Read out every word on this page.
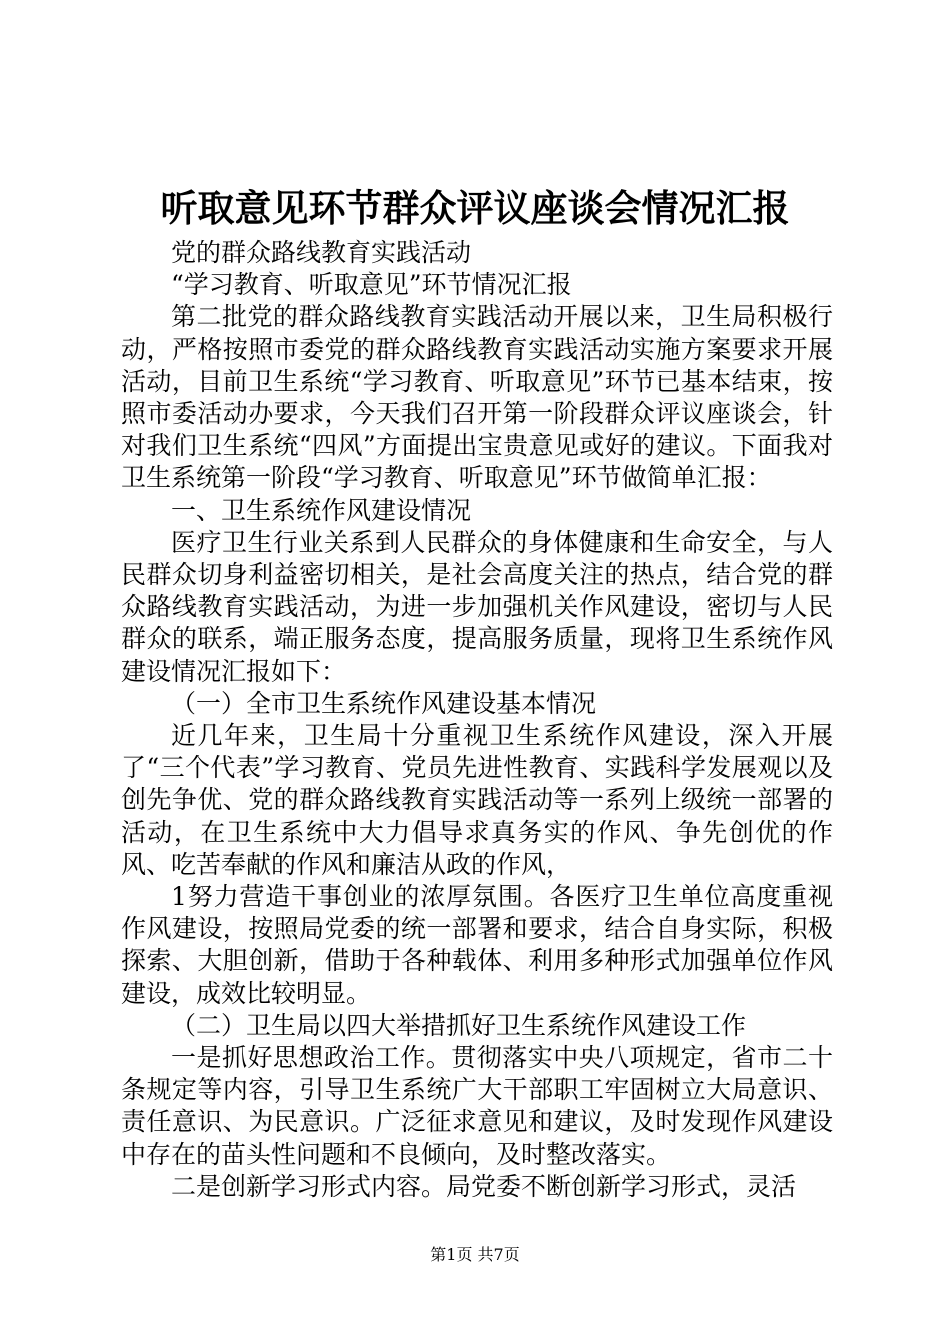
听取意见环节群众评议座谈会情况汇报

党的群众路线教育实践活动

“学习教育、听取意见”环节情况汇报

第二批党的群众路线教育实践活动开展以来，卫生局积极行动，严格按照市委党的群众路线教育实践活动实施方案要求开展活动，目前卫生系统“学习教育、听取意见”环节已基本结束，按照市委活动办要求，今天我们召开第一阶段群众评议座谈会，针对我们卫生系统“四风”方面提出宝贵意见或好的建议。下面我对卫生系统第一阶段“学习教育、听取意见”环节做简单汇报：

一、卫生系统作风建设情况

医疗卫生行业关系到人民群众的身体健康和生命安全，与人民群众切身利益密切相关，是社会高度关注的热点，结合党的群众路线教育实践活动，为进一步加强机关作风建设，密切与人民群众的联系，端正服务态度，提高服务质量，现将卫生系统作风建设情况汇报如下：

（一）全市卫生系统作风建设基本情况

近几年来，卫生局十分重视卫生系统作风建设，深入开展了“三个代表”学习教育、党员先进性教育、实践科学发展观以及创先争优、党的群众路线教育实践活动等一系列上级统一部署的活动，在卫生系统中大力倡导求真务实的作风、争先创优的作风、吃苦奉献的作风和廉洁从政的作风，

1努力营造干事创业的浓厚氛围。各医疗卫生单位高度重视作风建设，按照局党委的统一部署和要求，结合自身实际，积极探索、大胆创新，借助于各种载体、利用多种形式加强单位作风建设，成效比较明显。

（二）卫生局以四大举措抓好卫生系统作风建设工作

一是抓好思想政治工作。贯彻落实中央八项规定，省市二十条规定等内容，引导卫生系统广大干部职工牢固树立大局意识、责任意识、为民意识。广泛征求意见和建议，及时发现作风建设中存在的苗头性问题和不良倾向，及时整改落实。

二是创新学习形式内容。局党委不断创新学习形式，灵活

第1页 共7页
